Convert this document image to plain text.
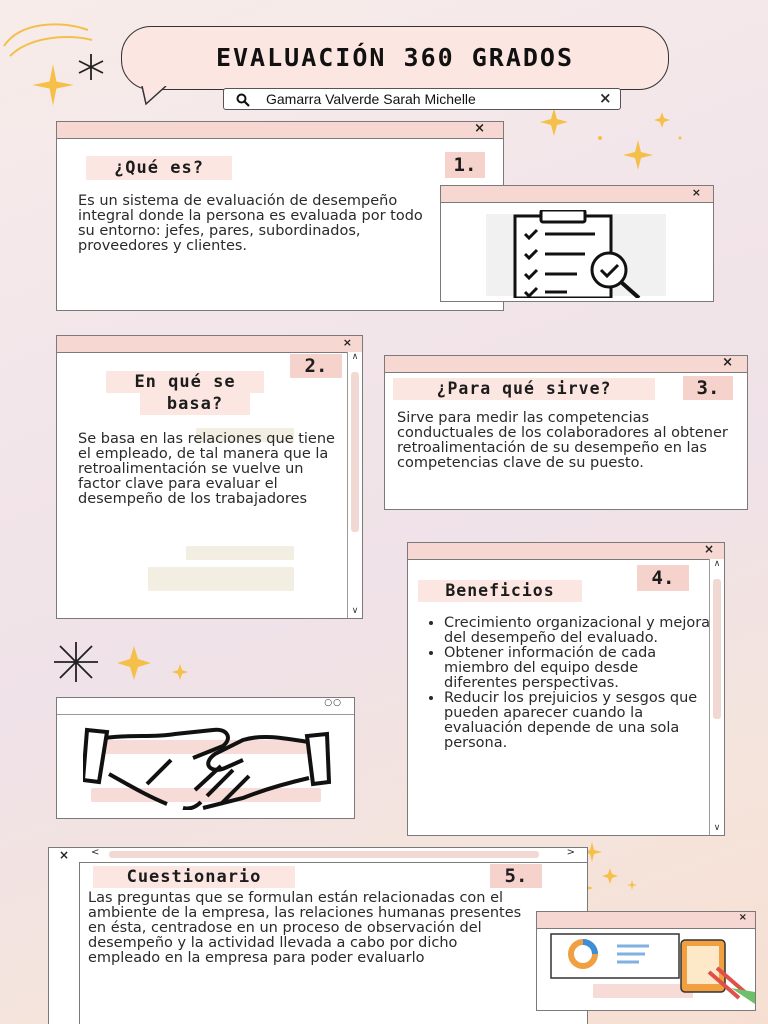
EVALUACIÓN 360 GRADOS
Gamarra Valverde Sarah Michelle	×
×
¿Qué es?	1.
Es un sistema de evaluación de desempeño integral donde la persona es evaluada por todo su entorno: jefes, pares, subordinados, proveedores y clientes.
×
×
∧
∨
2.
En qué se
basa?
Se basa en las relaciones que tiene el empleado, de tal manera que la retroalimentación se vuelve un factor clave para evaluar el desempeño de los trabajadores
×
¿Para qué sirve?	3.
Sirve para medir las competencias conductuales de los colaboradores al obtener retroalimentación de su desempeño en las competencias clave de su puesto.
×
∧
∨
4.
Beneficios
• Crecimiento organizacional y mejora del desempeño del evaluado.
• Obtener información de cada miembro del equipo desde diferentes perspectivas.
• Reducir los prejuicios y sesgos que pueden aparecer cuando la evaluación depende de una sola persona.
○○
× <	>
Cuestionario	5.
Las preguntas que se formulan están relacionadas con el ambiente de la empresa, las relaciones humanas presentes en ésta, centradose en un proceso de observación del desempeño y la actividad llevada a cabo por dicho empleado en la empresa para poder evaluarlo
×
